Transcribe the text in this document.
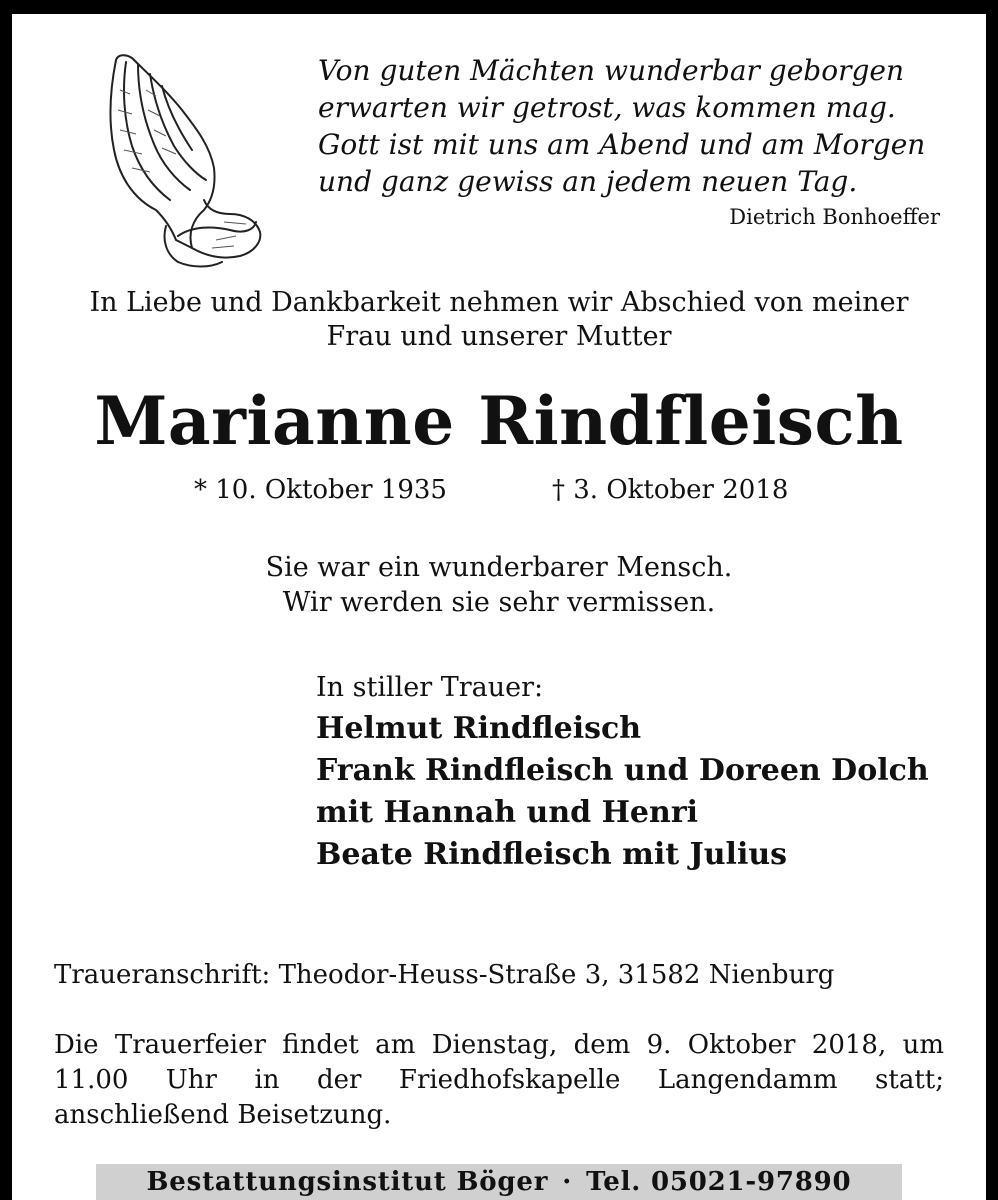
Von guten Mächten wunderbar geborgen
erwarten wir getrost, was kommen mag.
Gott ist mit uns am Abend und am Morgen
und ganz gewiss an jedem neuen Tag.
Dietrich Bonhoeffer
In Liebe und Dankbarkeit nehmen wir Abschied von meiner
Frau und unserer Mutter
Marianne Rindfleisch
* 10. Oktober 1935	† 3. Oktober 2018
Sie war ein wunderbarer Mensch.
Wir werden sie sehr vermissen.
In stiller Trauer:
Helmut Rindfleisch
Frank Rindfleisch und Doreen Dolch
mit Hannah und Henri
Beate Rindfleisch mit Julius
Traueranschrift: Theodor-Heuss-Straße 3, 31582 Nienburg
Die Trauerfeier findet am Dienstag, dem 9. Oktober 2018, um 11.00 Uhr in der Friedhofskapelle Langendamm statt; anschließend Beisetzung.
Bestattungsinstitut Böger · Tel. 05021-97890
